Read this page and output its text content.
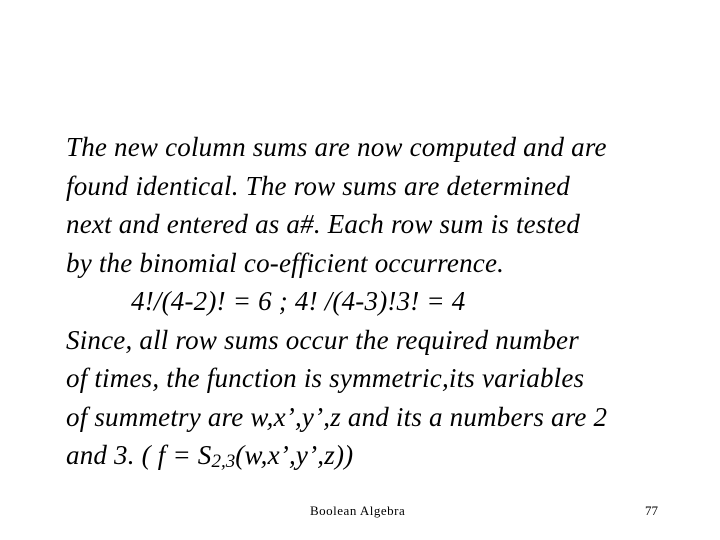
The new column sums are now computed and are
found identical. The row sums are determined
next and entered as a#. Each row sum is tested
by the binomial co-efficient occurrence.
4!/(4-2)! = 6 ; 4! /(4-3)!3! = 4
Since, all row sums occur the required number
of times, the function is symmetric,its variables
of summetry are w,x’,y’,z and its a numbers are 2
and 3. ( f = S2,3(w,x’,y’,z))
Boolean Algebra	77
